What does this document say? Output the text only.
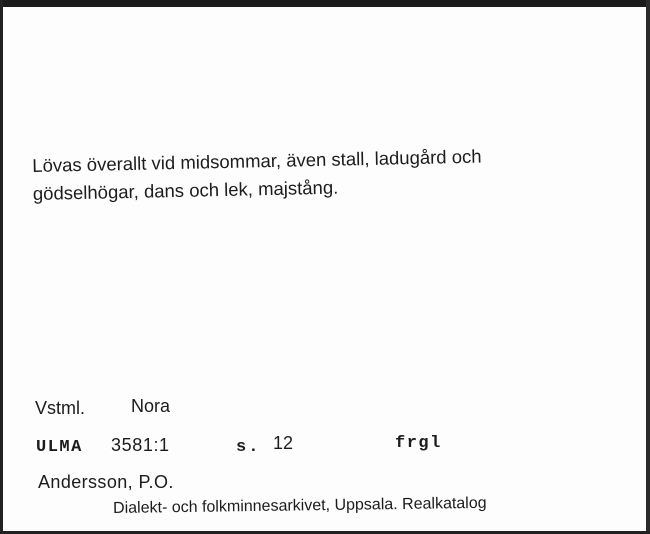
Lövas överallt vid midsommar, även stall, ladugård och
gödselhögar, dans och lek, majstång.
Vstml.	Nora
ULMA 3581:1	s. 12	frgl
Andersson, P.O.
Dialekt- och folkminnesarkivet, Uppsala. Realkatalog
